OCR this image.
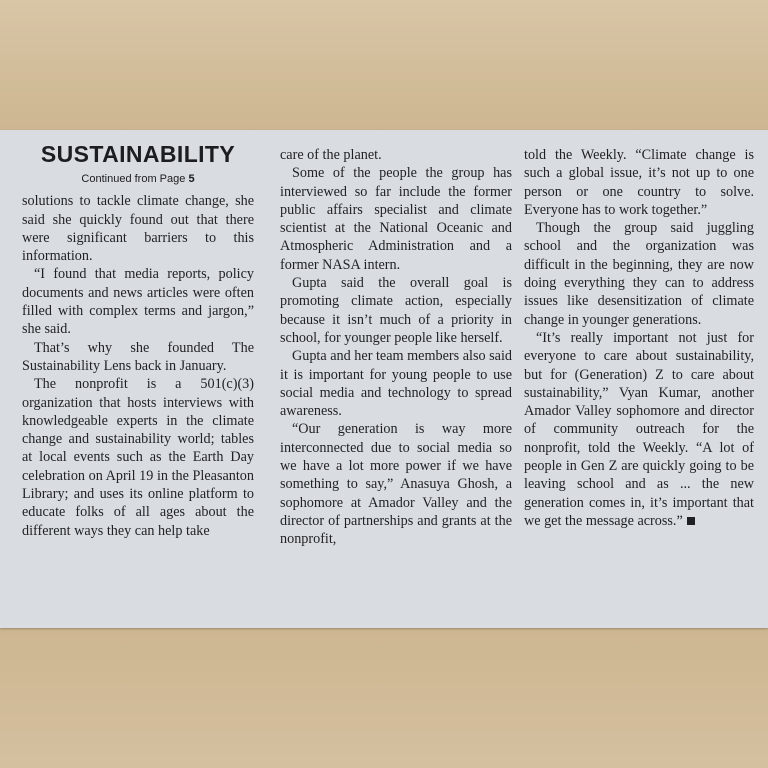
SUSTAINABILITY
Continued from Page 5

solutions to tackle climate change, she said she quickly found out that there were significant barriers to this information.

“I found that media reports, policy documents and news articles were often filled with complex terms and jargon,” she said.

That’s why she founded The Sustainability Lens back in January.

The nonprofit is a 501(c)(3) organization that hosts interviews with knowledgeable experts in the climate change and sustainability world; tables at local events such as the Earth Day celebration on April 19 in the Pleasanton Library; and uses its online platform to educate folks of all ages about the different ways they can help take

care of the planet.

Some of the people the group has interviewed so far include the former public affairs specialist and climate scientist at the National Oceanic and Atmospheric Administration and a former NASA intern.

Gupta said the overall goal is promoting climate action, especially because it isn’t much of a priority in school, for younger people like herself.

Gupta and her team members also said it is important for young people to use social media and technology to spread awareness.

“Our generation is way more interconnected due to social media so we have a lot more power if we have something to say,” Anasuya Ghosh, a sophomore at Amador Valley and the director of partnerships and grants at the nonprofit,

told the Weekly. “Climate change is such a global issue, it’s not up to one person or one country to solve. Everyone has to work together.”

Though the group said juggling school and the organization was difficult in the beginning, they are now doing everything they can to address issues like desensitization of climate change in younger generations.

“It’s really important not just for everyone to care about sustainability, but for (Generation) Z to care about sustainability,” Vyan Kumar, another Amador Valley sophomore and director of community outreach for the nonprofit, told the Weekly. “A lot of people in Gen Z are quickly going to be leaving school and as ... the new generation comes in, it’s important that we get the message across.”
